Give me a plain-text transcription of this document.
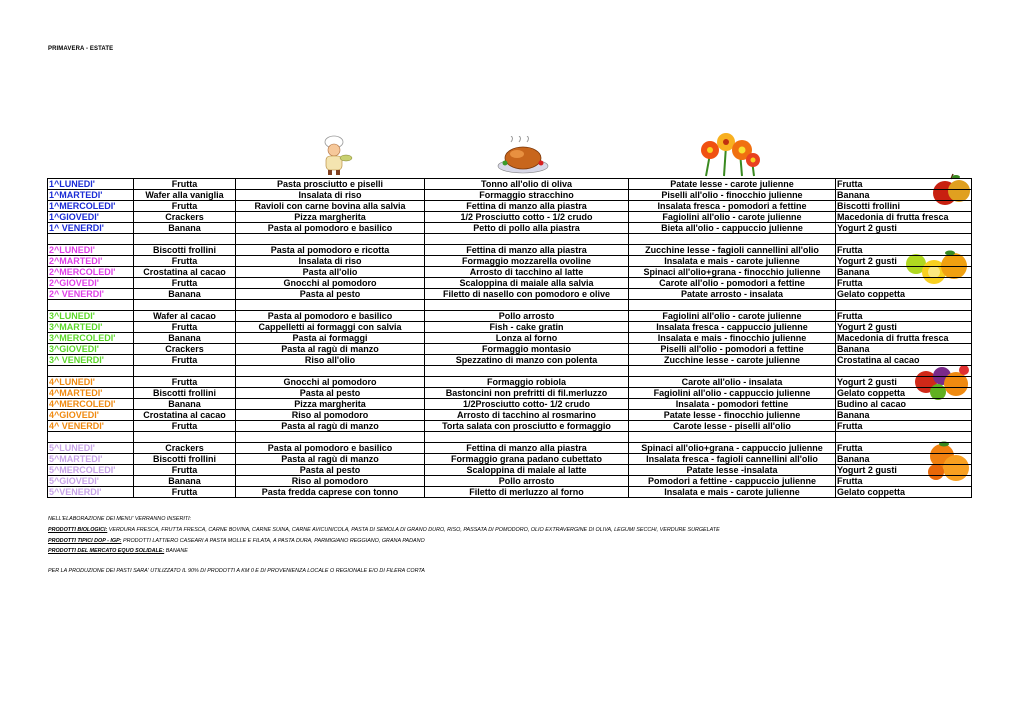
PRIMAVERA - ESTATE
1^LUNEDI'	Frutta	Pasta prosciutto e piselli	Tonno all'olio di oliva	Patate lesse - carote julienne	Frutta
1^MARTEDI'	Wafer alla vaniglia	Insalata di riso	Formaggio stracchino	Piselli all'olio - finocchio julienne	Banana
1^MERCOLEDI'	Frutta	Ravioli con carne bovina alla salvia	Fettina di manzo alla piastra	Insalata fresca - pomodori a fettine	Biscotti frollini
1^GIOVEDI'	Crackers	Pizza margherita	1/2 Prosciutto cotto - 1/2 crudo	Fagiolini all'olio - carote julienne	Macedonia di frutta fresca
1^ VENERDI'	Banana	Pasta al pomodoro e basilico	Petto di pollo alla piastra	Bieta all'olio - cappuccio julienne	Yogurt 2 gusti

2^LUNEDI'	Biscotti frollini	Pasta al pomodoro e ricotta	Fettina di manzo alla piastra	Zucchine lesse - fagioli cannellini all'olio	Frutta
2^MARTEDI'	Frutta	Insalata di riso	Formaggio mozzarella ovoline	Insalata e mais - carote julienne	Yogurt 2 gusti
2^MERCOLEDI'	Crostatina al cacao	Pasta all'olio	Arrosto di tacchino al latte	Spinaci all'olio+grana - finocchio julienne	Banana
2^GIOVEDI'	Frutta	Gnocchi al pomodoro	Scaloppina di maiale alla salvia	Carote all'olio - pomodori a fettine	Frutta
2^ VENERDI'	Banana	Pasta al pesto	Filetto di nasello con pomodoro e olive	Patate arrosto - insalata	Gelato coppetta

3^LUNEDI'	Wafer al cacao	Pasta al pomodoro e basilico	Pollo arrosto	Fagiolini all'olio - carote julienne	Frutta
3^MARTEDI'	Frutta	Cappelletti ai formaggi con salvia	Fish - cake gratin	Insalata fresca - cappuccio julienne	Yogurt 2 gusti
3^MERCOLEDI'	Banana	Pasta ai formaggi	Lonza al forno	Insalata e mais - finocchio julienne	Macedonia di frutta fresca
3^GIOVEDI'	Crackers	Pasta al ragù di manzo	Formaggio montasio	Piselli all'olio - pomodori a fettine	Banana
3^ VENERDI'	Frutta	Riso all'olio	Spezzatino di manzo con polenta	Zucchine lesse - carote julienne	Crostatina al cacao

4^LUNEDI'	Frutta	Gnocchi al pomodoro	Formaggio robiola	Carote all'olio - insalata	Yogurt 2 gusti
4^MARTEDI'	Biscotti frollini	Pasta al pesto	Bastoncini non prefritti di fil.merluzzo	Fagiolini all'olio - cappuccio julienne	Gelato coppetta
4^MERCOLEDI'	Banana	Pizza margherita	1/2Prosciutto cotto- 1/2 crudo	Insalata - pomodori fettine	Budino al cacao
4^GIOVEDI'	Crostatina al cacao	Riso al pomodoro	Arrosto di tacchino al rosmarino	Patate lesse - finocchio julienne	Banana
4^ VENERDI'	Frutta	Pasta al ragù di manzo	Torta salata con prosciutto e formaggio	Carote lesse - piselli all'olio	Frutta

5^LUNEDI'	Crackers	Pasta al pomodoro e basilico	Fettina di manzo alla piastra	Spinaci all'olio+grana - cappuccio julienne	Frutta
5^MARTEDI'	Biscotti frollini	Pasta al ragù di manzo	Formaggio grana padano cubettato	Insalata fresca - fagioli cannellini all'olio	Banana
5^MERCOLEDI'	Frutta	Pasta al pesto	Scaloppina di maiale al latte	Patate lesse -insalata	Yogurt 2 gusti
5^GIOVEDI'	Banana	Riso al pomodoro	Pollo arrosto	Pomodori a fettine - cappuccio julienne	Frutta
5^VENERDI'	Frutta	Pasta fredda caprese con tonno	Filetto di merluzzo al forno	Insalata e mais - carote julienne	Gelato coppetta
NELL'ELABORAZIONE DEI MENU' VERRANNO INSERITI:
PRODOTTI BIOLOGICI: VERDURA FRESCA, FRUTTA FRESCA, CARNE BOVINA, CARNE SUINA, CARNE AVICUNICOLA, PASTA DI SEMOLA DI GRANO DURO, RISO, PASSATA DI POMODORO, OLIO EXTRAVERGINE DI OLIVA, LEGUMI SECCHI, VERDURE SURGELATE
PRODOTTI TIPICI DOP - IGP: PRODOTTI LATTIERO CASEARI A PASTA MOLLE E FILATA, A PASTA DURA, PARMIGIANO REGGIANO, GRANA PADANO
PRODOTTI DEL MERCATO EQUO SOLIDALE: BANANE
PER LA PRODUZIONE DEI PASTI SARA' UTILIZZATO IL 90% DI PRODOTTI A KM 0 E DI PROVENIENZA LOCALE O REGIONALE E/O DI FILERA CORTA
